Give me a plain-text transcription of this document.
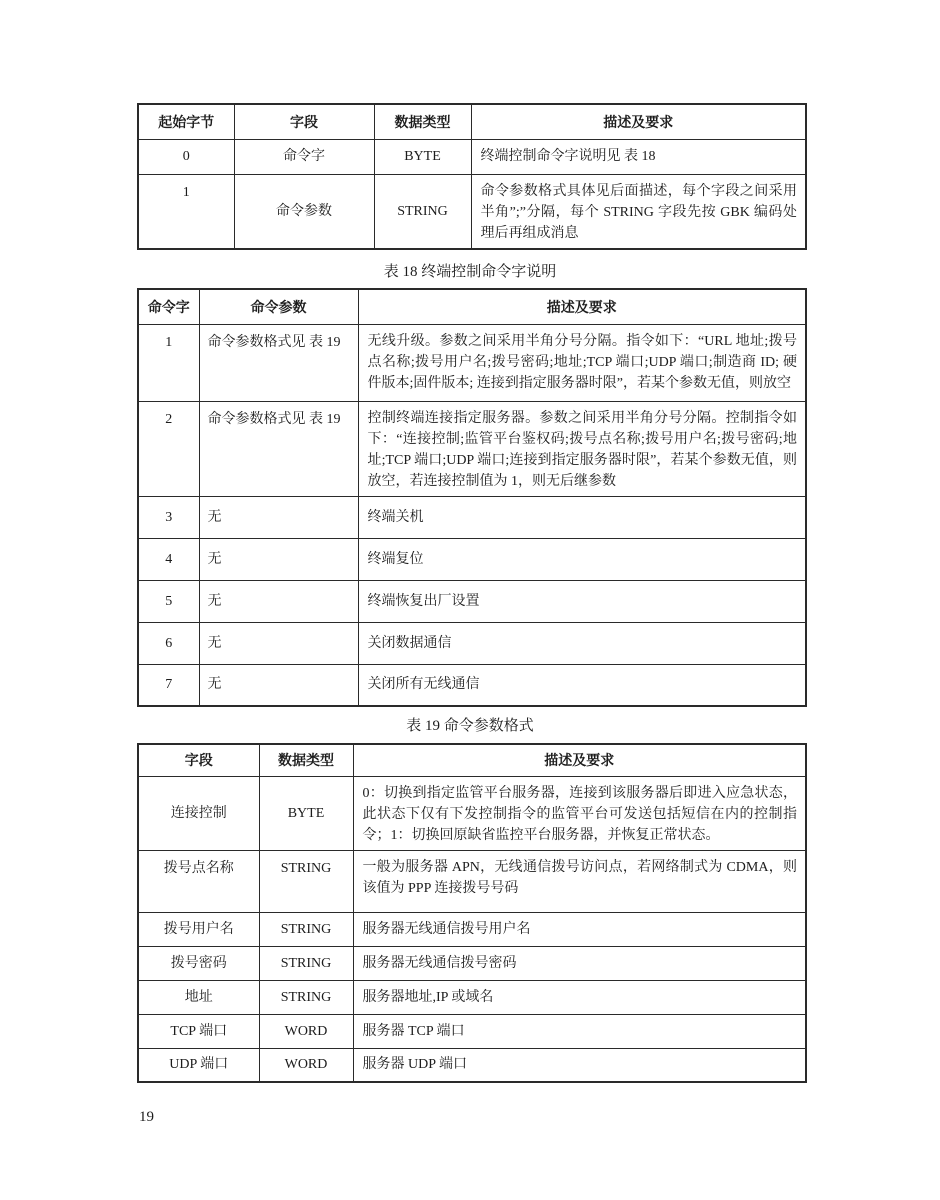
起始字节	字段	数据类型	描述及要求
0	命令字	BYTE	终端控制命令字说明见 表 18
1	命令参数	STRING	命令参数格式具体见后面描述，每个字段之间采用半角”;”分隔，每个 STRING 字段先按 GBK 编码处理后再组成消息
表 18 终端控制命令字说明
命令字	命令参数	描述及要求
1	命令参数格式见 表 19	无线升级。参数之间采用半角分号分隔。指令如下：“URL 地址;拨号点名称;拨号用户名;拨号密码;地址;TCP 端口;UDP 端口;制造商 ID; 硬件版本;固件版本; 连接到指定服务器时限”，若某个参数无值，则放空
2	命令参数格式见 表 19	控制终端连接指定服务器。参数之间采用半角分号分隔。控制指令如下：“连接控制;监管平台鉴权码;拨号点名称;拨号用户名;拨号密码;地址;TCP 端口;UDP 端口;连接到指定服务器时限”，若某个参数无值，则放空，若连接控制值为 1，则无后继参数
3	无	终端关机
4	无	终端复位
5	无	终端恢复出厂设置
6	无	关闭数据通信
7	无	关闭所有无线通信
表 19 命令参数格式
字段	数据类型	描述及要求
连接控制	BYTE	0：切换到指定监管平台服务器，连接到该服务器后即进入应急状态，此状态下仅有下发控制指令的监管平台可发送包括短信在内的控制指令；1：切换回原缺省监控平台服务器，并恢复正常状态。
拨号点名称	STRING	一般为服务器 APN，无线通信拨号访问点，若网络制式为 CDMA，则该值为 PPP 连接拨号号码
拨号用户名	STRING	服务器无线通信拨号用户名
拨号密码	STRING	服务器无线通信拨号密码
地址	STRING	服务器地址,IP 或域名
TCP 端口	WORD	服务器 TCP 端口
UDP 端口	WORD	服务器 UDP 端口
19
